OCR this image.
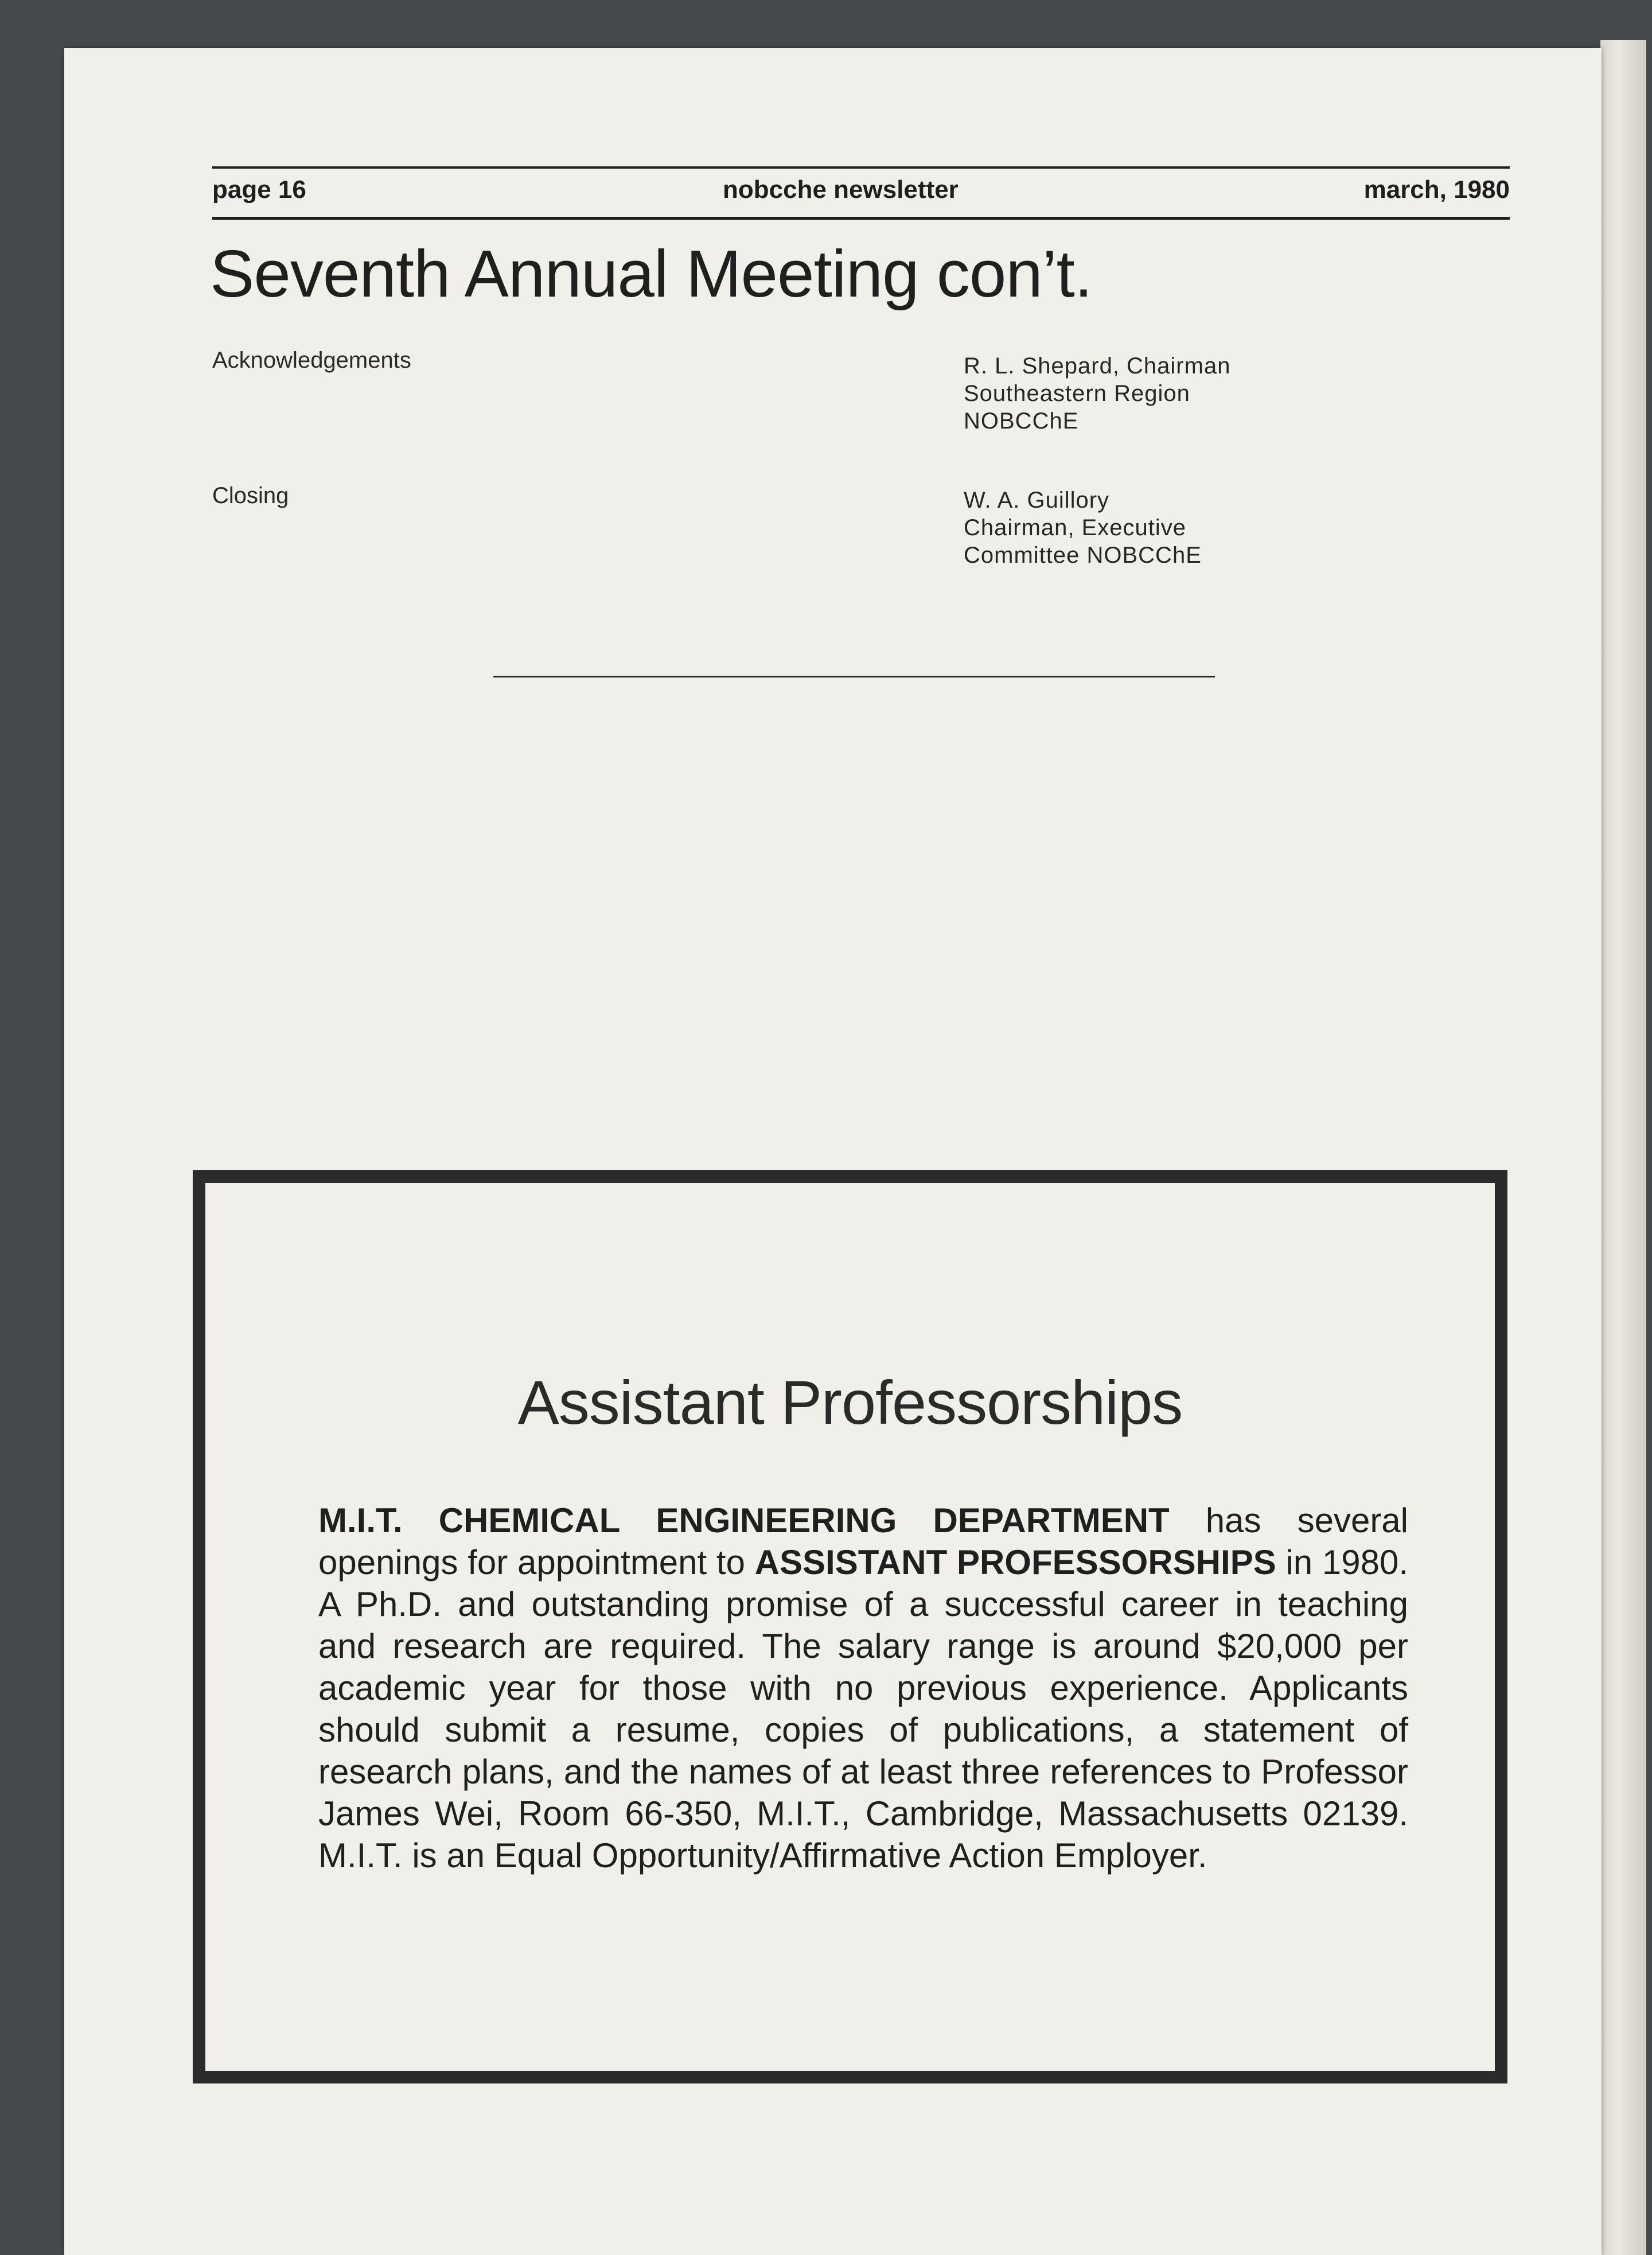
page 16	nobcche newsletter	march, 1980
Seventh Annual Meeting con’t.
Acknowledgements	R. L. Shepard, Chairman
Southeastern Region
NOBCChE
Closing	W. A. Guillory
Chairman, Executive
Committee NOBCChE
Assistant Professorships
M.I.T. CHEMICAL ENGINEERING DEPARTMENT has several openings for appointment to ASSISTANT PROFESSORSHIPS in 1980. A Ph.D. and outstanding promise of a successful career in teaching and research are required. The salary range is around $20,000 per academic year for those with no previous experience. Applicants should submit a resume, copies of publications, a statement of research plans, and the names of at least three references to Professor James Wei, Room 66-350, M.I.T., Cambridge, Massachusetts 02139. M.I.T. is an Equal Opportunity/Affirmative Action Employer.
